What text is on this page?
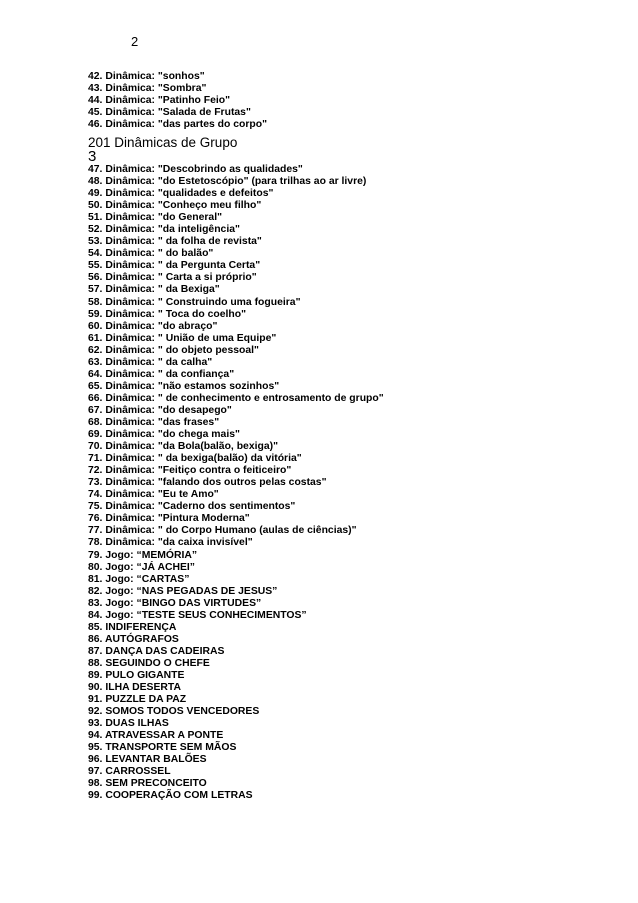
2
42. Dinâmica: "sonhos"
43. Dinâmica: "Sombra"
44. Dinâmica: "Patinho Feio"
45. Dinâmica: "Salada de Frutas"
46. Dinâmica: "das partes do corpo"
201 Dinâmicas de Grupo
3
47. Dinâmica: "Descobrindo as qualidades"
48. Dinâmica: "do Estetoscópio" (para trilhas ao ar livre)
49. Dinâmica: "qualidades e defeitos"
50. Dinâmica: "Conheço meu filho"
51. Dinâmica: "do General"
52. Dinâmica: "da inteligência"
53. Dinâmica: " da folha de revista"
54. Dinâmica: " do balão"
55. Dinâmica: " da Pergunta Certa"
56. Dinâmica: " Carta a si próprio"
57. Dinâmica: " da Bexiga"
58. Dinâmica: " Construindo uma fogueira"
59. Dinâmica: " Toca do coelho"
60. Dinâmica: "do abraço"
61. Dinâmica: " União de uma Equipe"
62. Dinâmica: " do objeto pessoal"
63. Dinâmica: " da calha"
64. Dinâmica: " da confiança"
65. Dinâmica: "não estamos sozinhos"
66. Dinâmica: " de conhecimento e entrosamento de grupo"
67. Dinâmica: "do desapego"
68. Dinâmica: "das frases"
69. Dinâmica: "do chega mais"
70. Dinâmica: "da Bola(balão, bexiga)"
71. Dinâmica: " da bexiga(balão) da vitória"
72. Dinâmica: "Feitiço contra o feiticeiro"
73. Dinâmica: "falando dos outros pelas costas"
74. Dinâmica: "Eu te Amo"
75. Dinâmica: "Caderno dos sentimentos"
76. Dinâmica: "Pintura Moderna"
77. Dinâmica: " do Corpo Humano (aulas de ciências)"
78. Dinâmica: "da caixa invisível"
79. Jogo: “MEMÓRIA”
80. Jogo: “JÁ ACHEI”
81. Jogo: “CARTAS”
82. Jogo: “NAS PEGADAS DE JESUS”
83. Jogo: “BINGO DAS VIRTUDES”
84. Jogo: “TESTE SEUS CONHECIMENTOS”
85. INDIFERENÇA
86. AUTÓGRAFOS
87. DANÇA DAS CADEIRAS
88. SEGUINDO O CHEFE
89. PULO GIGANTE
90. ILHA DESERTA
91. PUZZLE DA PAZ
92. SOMOS TODOS VENCEDORES
93. DUAS ILHAS
94. ATRAVESSAR A PONTE
95. TRANSPORTE SEM MÃOS
96. LEVANTAR BALÕES
97. CARROSSEL
98. SEM PRECONCEITO
99. COOPERAÇÃO COM LETRAS
